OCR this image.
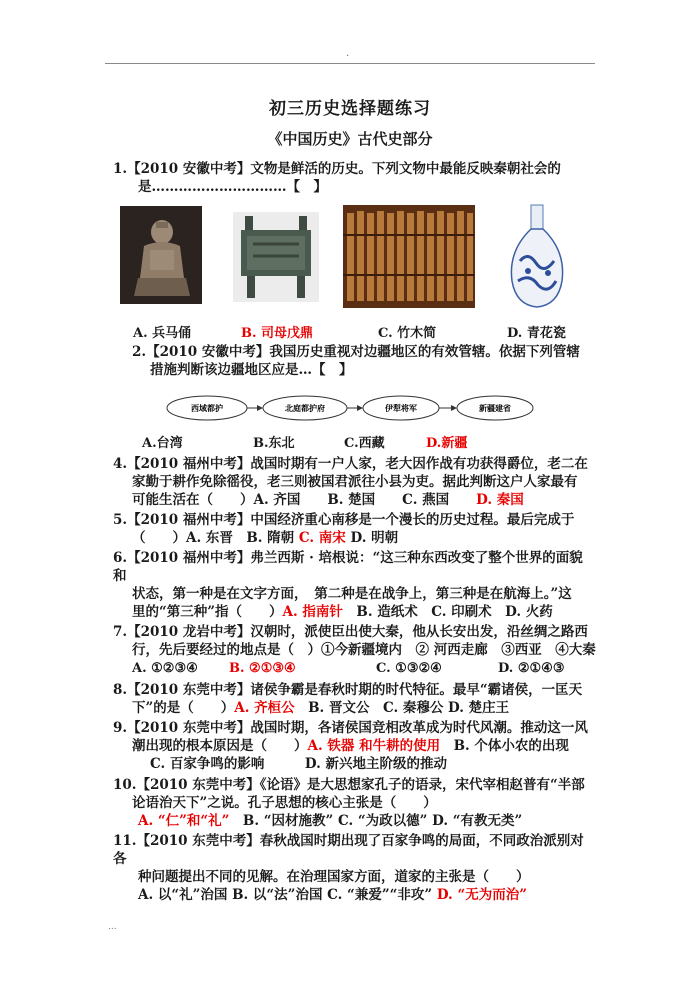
.
初三历史选择题练习
《中国历史》古代史部分
1.【2010 安徽中考】文物是鲜活的历史。下列文物中最能反映秦朝社会的
是…………………………【　】
A. 兵马俑	B. 司母戊鼎	C. 竹木简	D. 青花瓷
2.【2010 安徽中考】我国历史重视对边疆地区的有效管辖。依据下列管辖
措施判断该边疆地区应是…【　】
西域都护	北庭都护府	伊犁将军	新疆建省
A.台湾	B.东北	C.西藏	D.新疆
4.【2010 福州中考】战国时期有一户人家，老大因作战有功获得爵位，老二在
家勤于耕作免除徭役，老三则被国君派往小县为吏。据此判断这户人家最有
可能生活在（　　）A. 齐国　　B. 楚国　　C. 燕国　　D. 秦国
5.【2010 福州中考】中国经济重心南移是一个漫长的历史过程。最后完成于
（　　）A. 东晋　B. 隋朝 C. 南宋 D. 明朝
6.【2010 福州中考】弗兰西斯 · 培根说：“这三种东西改变了整个世界的面貌
和
状态，第一种是在文字方面，　第二种是在战争上，第三种是在航海上。”这
里的“第三种”指（　　）A. 指南针　B. 造纸术　C. 印刷术　D. 火药
7.【2010 龙岩中考】汉朝时，派使臣出使大秦，他从长安出发，沿丝绸之路西
行，先后要经过的地点是（　）①今新疆境内　② 河西走廊　③西亚　④大秦
A. ①②③④ B. ②①③④	C. ①③②④	D. ②①④③
8.【2010 东莞中考】诸侯争霸是春秋时期的时代特征。最早“霸诸侯，一匡天
下”的是（　　）A. 齐桓公　B. 晋文公　C. 秦穆公 D. 楚庄王
9.【2010 东莞中考】战国时期，各诸侯国竞相改革成为时代风潮。推动这一风
潮出现的根本原因是（　　）A. 铁器 和牛耕的使用　B. 个体小农的出现
C. 百家争鸣的影响　　　D. 新兴地主阶级的推动
10.【2010 东莞中考】《论语》是大思想家孔子的语录，宋代宰相赵普有“半部
论语治天下”之说。孔子思想的核心主张是（　　）
A. “仁”和“礼”　B. “因材施教” C. “为政以德” D. “有教无类”
11.【2010 东莞中考】春秋战国时期出现了百家争鸣的局面，不同政治派别对
各
种问题提出不同的见解。在治理国家方面，道家的主张是（　　）
A. 以“礼”治国 B. 以“法”治国 C. “兼爱”“非攻” D. “无为而治”
...
